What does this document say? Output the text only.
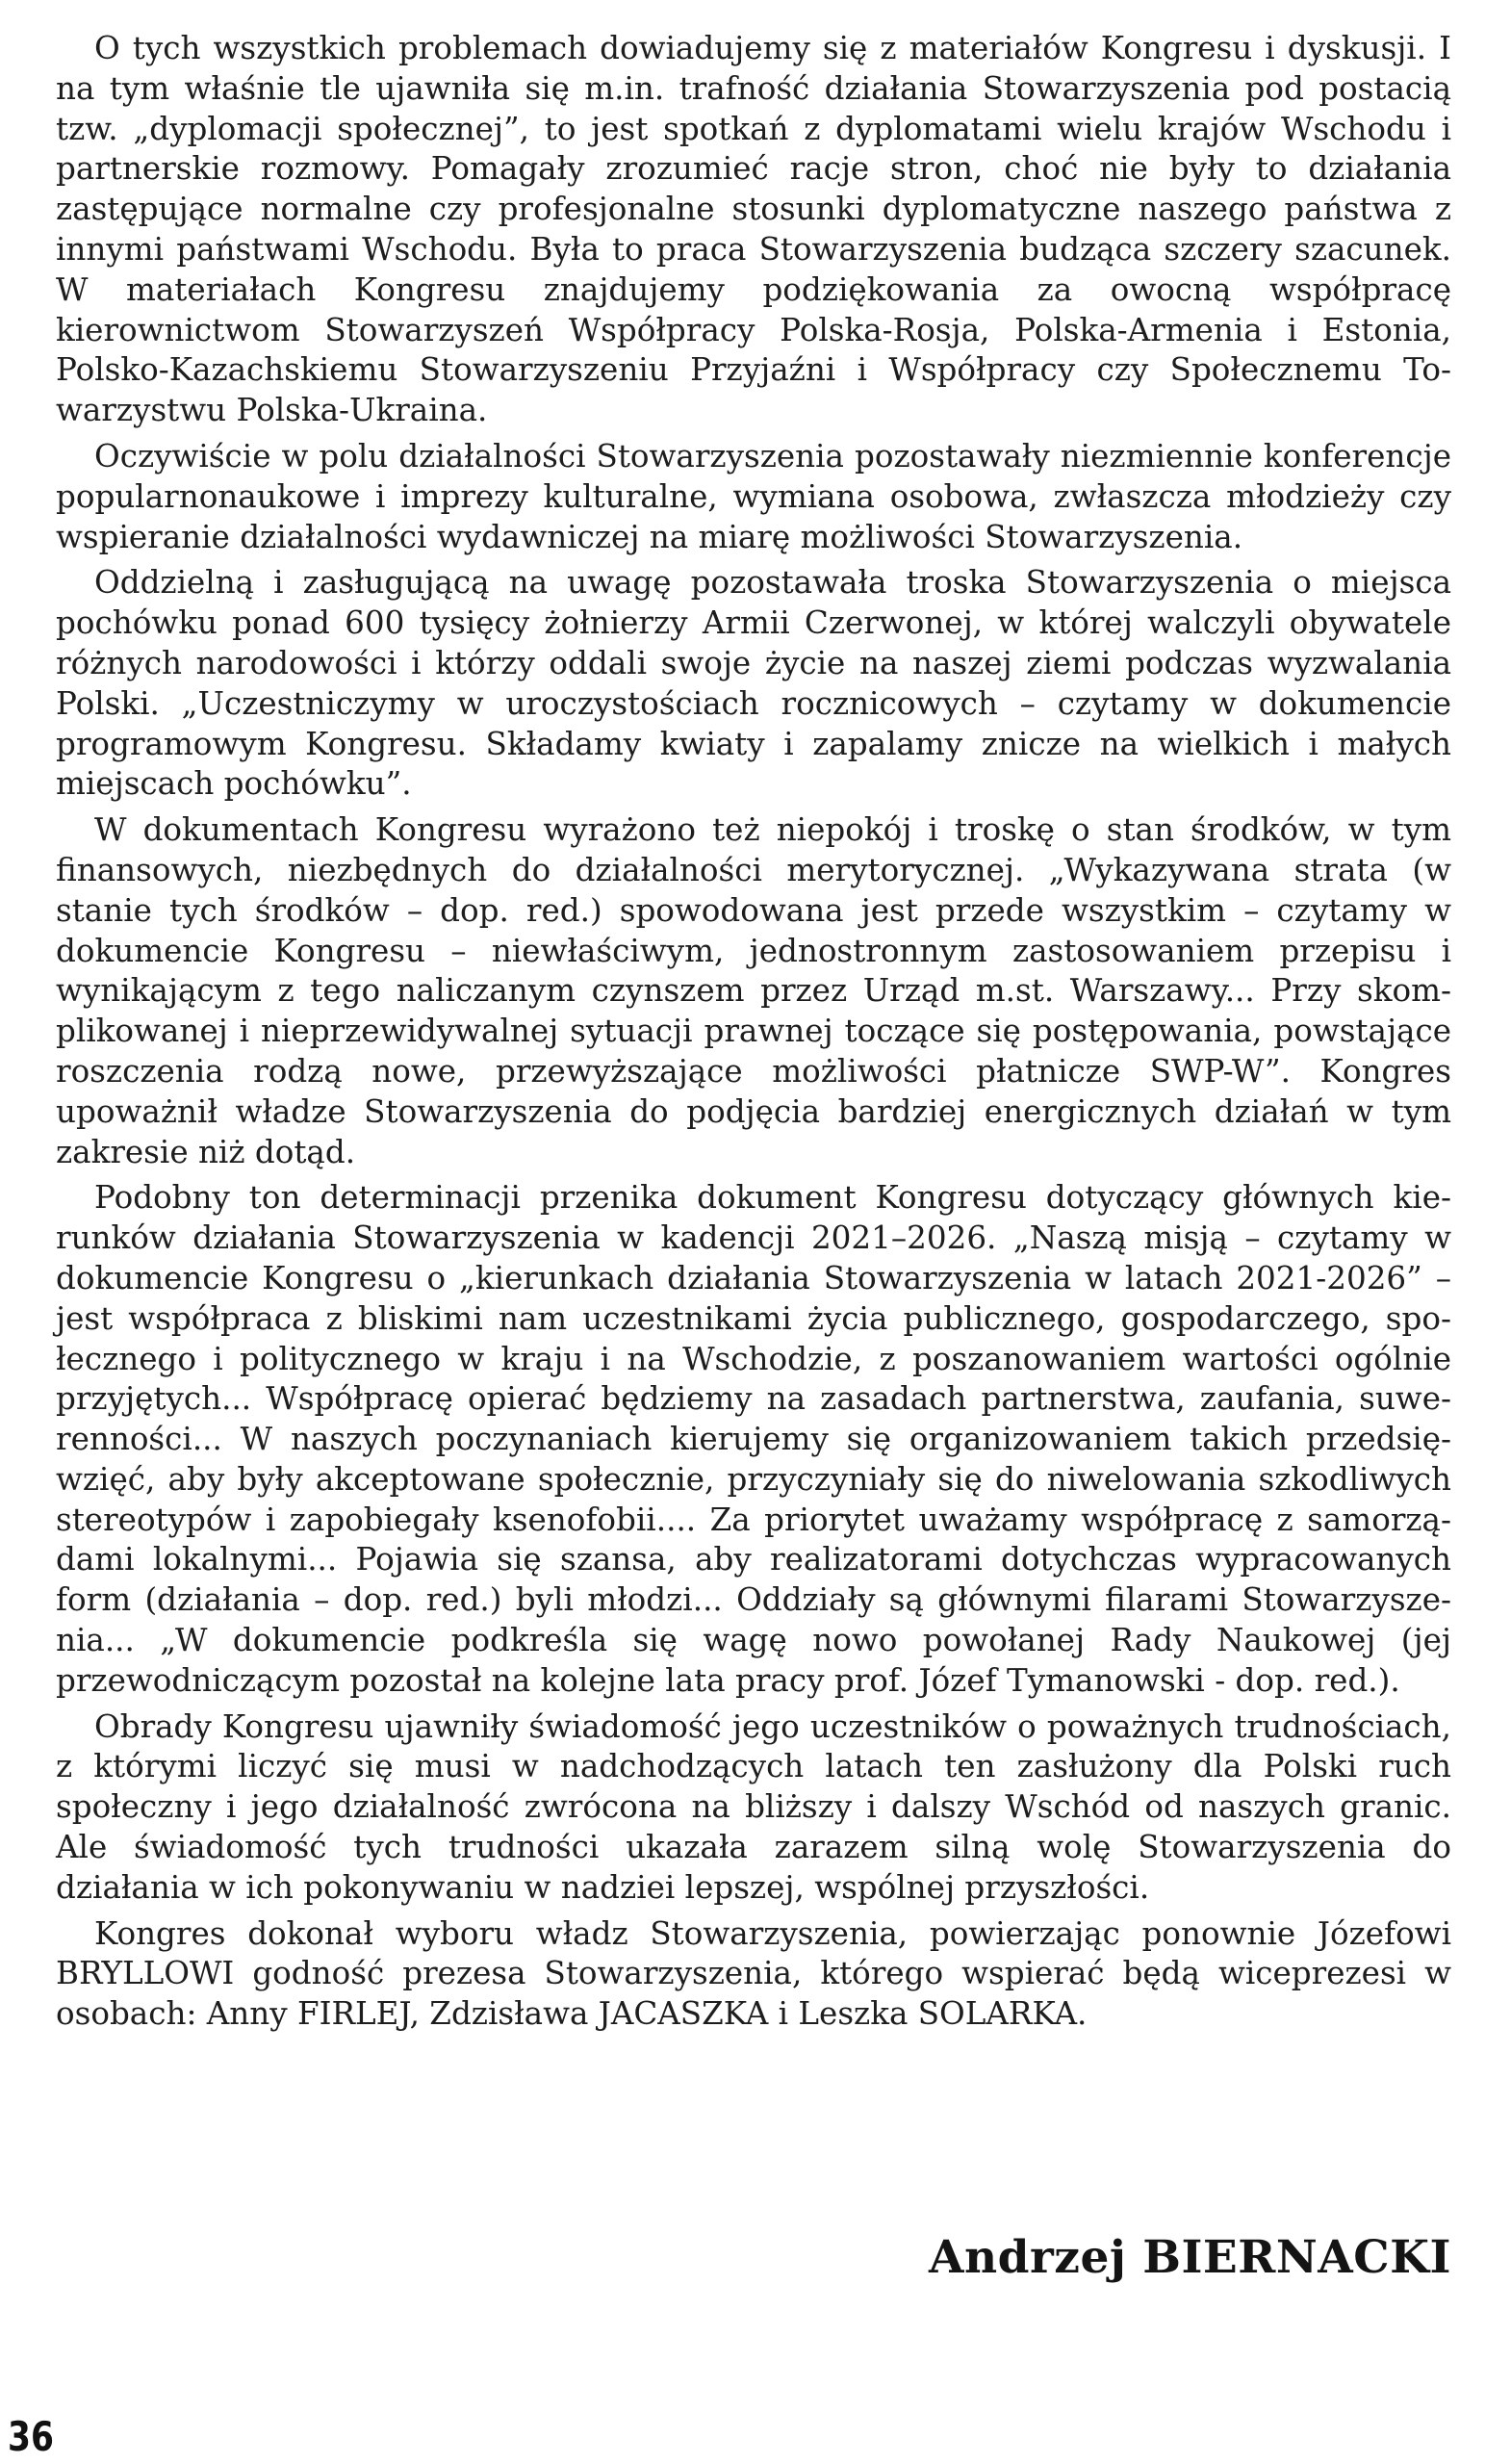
O tych wszystkich problemach dowiadujemy się z materiałów Kongresu i dyskusji. I na tym właśnie tle ujawniła się m.in. trafność działania Stowarzyszenia pod postacią tzw. „dyplomacji społecznej”, to jest spotkań z dyplomatami wielu krajów Wschodu i partnerskie rozmowy. Pomagały zrozumieć racje stron, choć nie były to działania zastępujące normalne czy profesjonalne stosunki dyplomatyczne naszego państwa z innymi państwami Wschodu. Była to praca Stowarzyszenia budząca szczery szacunek. W materiałach Kongresu znajdujemy podziękowania za owocną współpracę kierownictwom Stowarzyszeń Współpracy Polska-Rosja, Polska-Armenia i Estonia, Polsko-Kazachskiemu Stowarzyszeniu Przyjaźni i Współpracy czy Społecznemu Towarzystwu Polska-Ukraina.

Oczywiście w polu działalności Stowarzyszenia pozostawały niezmiennie konferencje popularnonaukowe i imprezy kulturalne, wymiana osobowa, zwłaszcza młodzieży czy wspieranie działalności wydawniczej na miarę możliwości Stowarzyszenia.

Oddzielną i zasługującą na uwagę pozostawała troska Stowarzyszenia o miejsca pochówku ponad 600 tysięcy żołnierzy Armii Czerwonej, w której walczyli obywatele różnych narodowości i którzy oddali swoje życie na naszej ziemi podczas wyzwalania Polski. „Uczestniczymy w uroczystościach rocznicowych – czytamy w dokumencie programowym Kongresu. Składamy kwiaty i zapalamy znicze na wielkich i małych miejscach pochówku”.

W dokumentach Kongresu wyrażono też niepokój i troskę o stan środków, w tym finansowych, niezbędnych do działalności merytorycznej. „Wykazywana strata (w stanie tych środków – dop. red.) spowodowana jest przede wszystkim – czytamy w dokumencie Kongresu – niewłaściwym, jednostronnym zastosowaniem przepisu i wynikającym z tego naliczanym czynszem przez Urząd m.st. Warszawy... Przy skomplikowanej i nieprzewidywalnej sytuacji prawnej toczące się postępowania, powstające roszczenia rodzą nowe, przewyższające możliwości płatnicze SWP-W”. Kongres upoważnił władze Stowarzyszenia do podjęcia bardziej energicznych działań w tym zakresie niż dotąd.

Podobny ton determinacji przenika dokument Kongresu dotyczący głównych kierunków działania Stowarzyszenia w kadencji 2021–2026. „Naszą misją – czytamy w dokumencie Kongresu o „kierunkach działania Stowarzyszenia w latach 2021-2026” – jest współpraca z bliskimi nam uczestnikami życia publicznego, gospodarczego, społecznego i politycznego w kraju i na Wschodzie, z poszanowaniem wartości ogólnie przyjętych... Współpracę opierać będziemy na zasadach partnerstwa, zaufania, suwerenności... W naszych poczynaniach kierujemy się organizowaniem takich przedsięwzięć, aby były akceptowane społecznie, przyczyniały się do niwelowania szkodliwych stereotypów i zapobiegały ksenofobii.... Za priorytet uważamy współpracę z samorządami lokalnymi... Pojawia się szansa, aby realizatorami dotychczas wypracowanych form (działania – dop. red.) byli młodzi... Oddziały są głównymi filarami Stowarzyszenia... „W dokumencie podkreśla się wagę nowo powołanej Rady Naukowej (jej przewodniczącym pozostał na kolejne lata pracy prof. Józef Tymanowski - dop. red.).

Obrady Kongresu ujawniły świadomość jego uczestników o poważnych trudnościach, z którymi liczyć się musi w nadchodzących latach ten zasłużony dla Polski ruch społeczny i jego działalność zwrócona na bliższy i dalszy Wschód od naszych granic. Ale świadomość tych trudności ukazała zarazem silną wolę Stowarzyszenia do działania w ich pokonywaniu w nadziei lepszej, wspólnej przyszłości.

Kongres dokonał wyboru władz Stowarzyszenia, powierzając ponownie Józefowi BRYLLOWI godność prezesa Stowarzyszenia, którego wspierać będą wiceprezesi w osobach: Anny FIRLEJ, Zdzisława JACASZKA i Leszka SOLARKA.

Andrzej BIERNACKI

36
